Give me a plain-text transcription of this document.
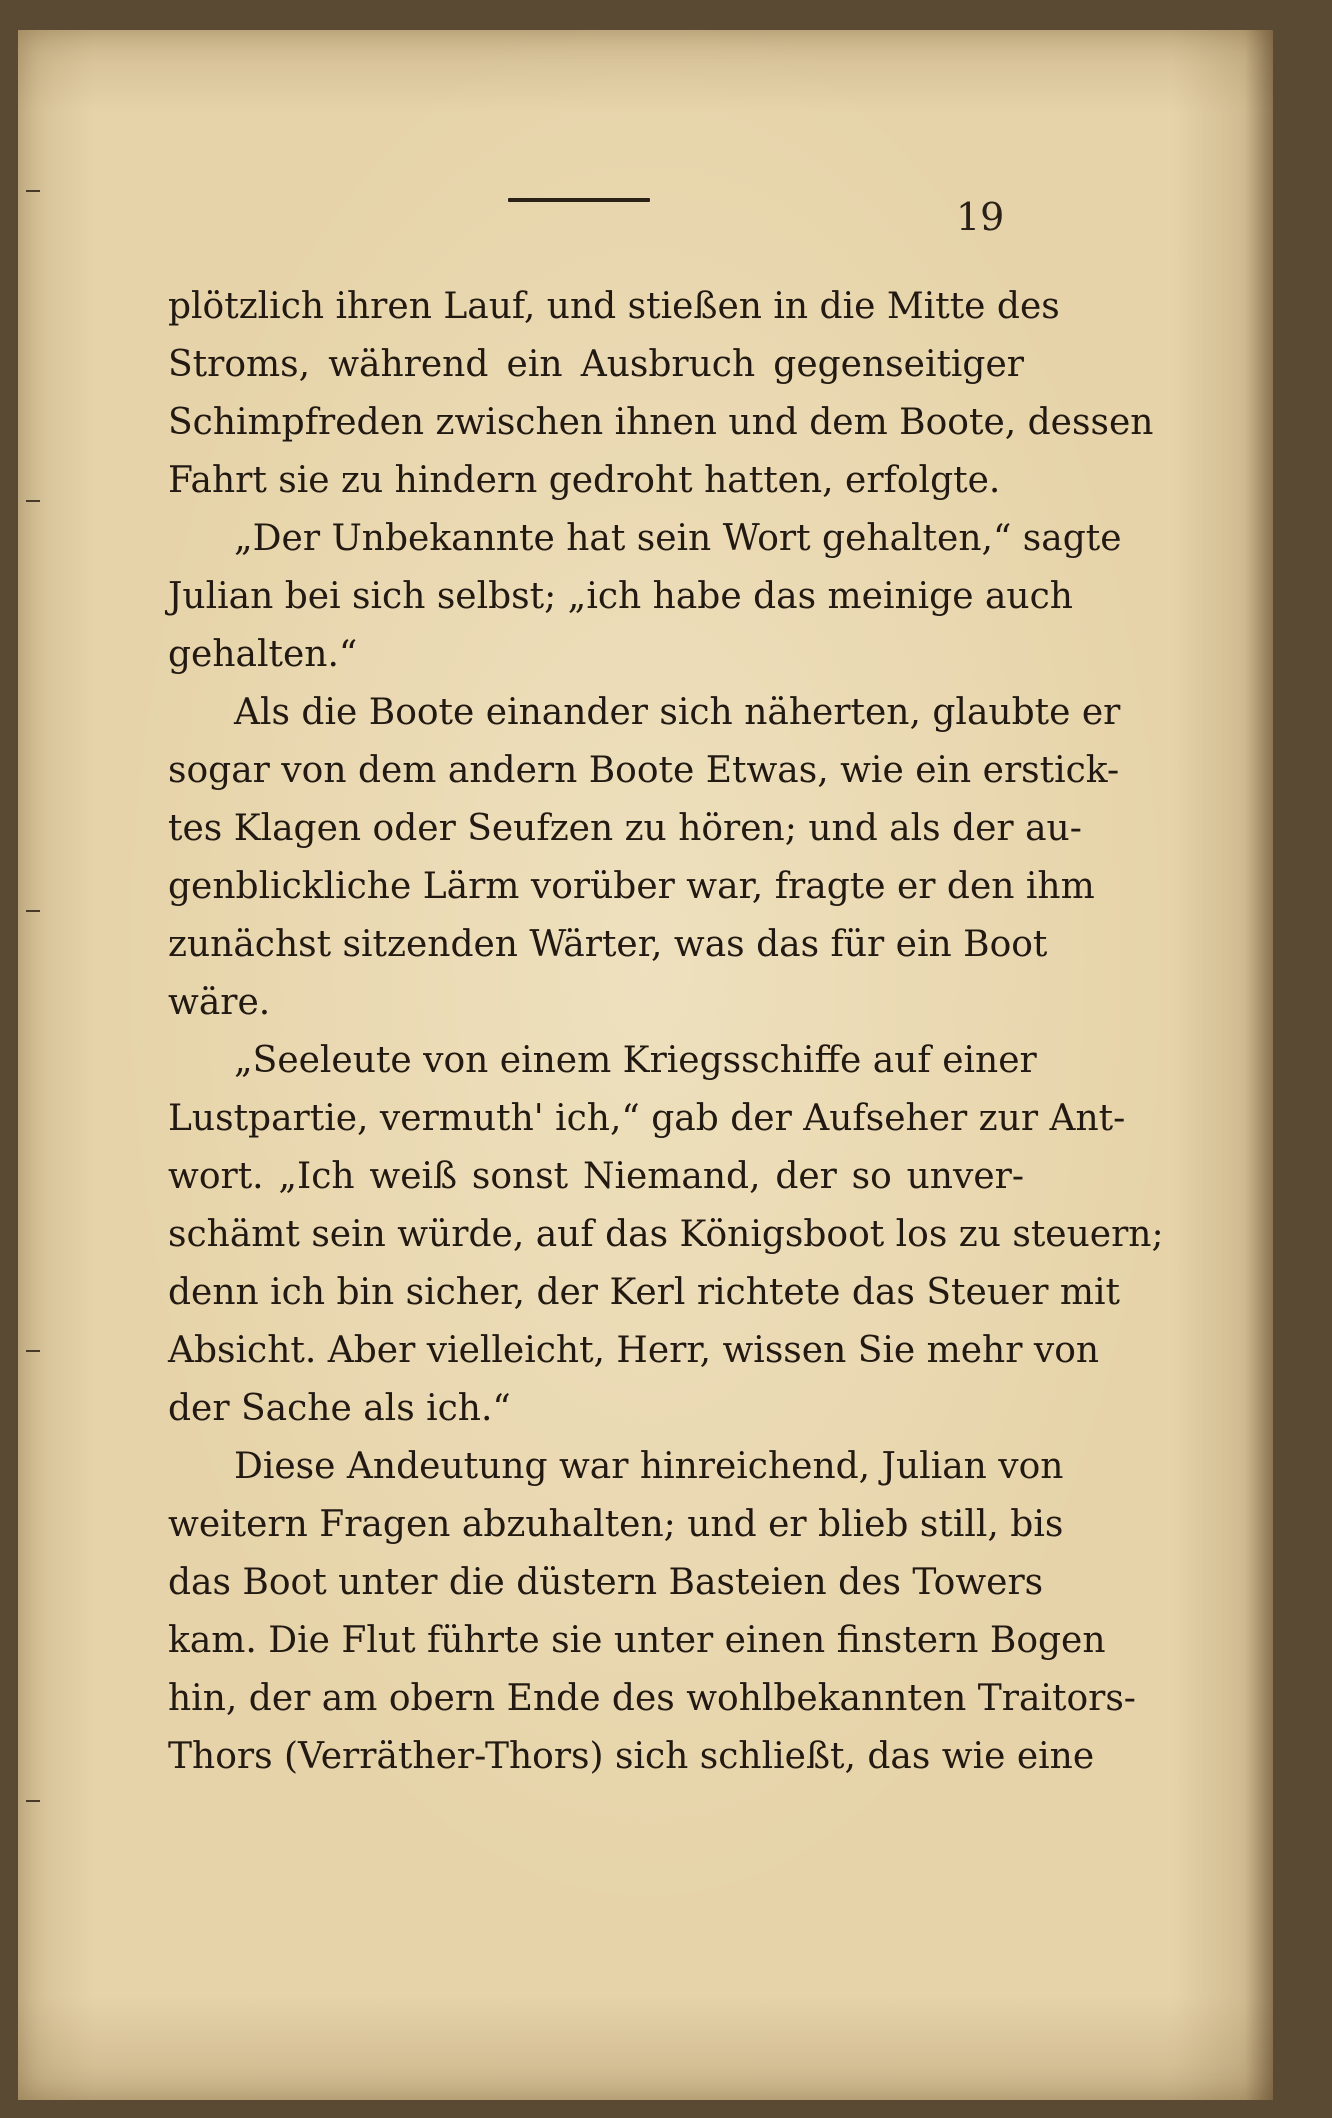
19
plötzlich ihren Lauf, und stießen in die Mitte des
Stroms, während ein Ausbruch gegenseitiger
Schimpfreden zwischen ihnen und dem Boote, dessen
Fahrt sie zu hindern gedroht hatten, erfolgte.
„Der Unbekannte hat sein Wort gehalten,“ sagte
Julian bei sich selbst; „ich habe das meinige auch
gehalten.“
Als die Boote einander sich näherten, glaubte er
sogar von dem andern Boote Etwas, wie ein erstick-
tes Klagen oder Seufzen zu hören; und als der au-
genblickliche Lärm vorüber war, fragte er den ihm
zunächst sitzenden Wärter, was das für ein Boot
wäre.
„Seeleute von einem Kriegsschiffe auf einer
Lustpartie, vermuth' ich,“ gab der Aufseher zur Ant-
wort. „Ich weiß sonst Niemand, der so unver-
schämt sein würde, auf das Königsboot los zu steuern;
denn ich bin sicher, der Kerl richtete das Steuer mit
Absicht. Aber vielleicht, Herr, wissen Sie mehr von
der Sache als ich.“
Diese Andeutung war hinreichend, Julian von
weitern Fragen abzuhalten; und er blieb still, bis
das Boot unter die düstern Basteien des Towers
kam. Die Flut führte sie unter einen finstern Bogen
hin, der am obern Ende des wohlbekannten Traitors-
Thors (Verräther-Thors) sich schließt, das wie eine
